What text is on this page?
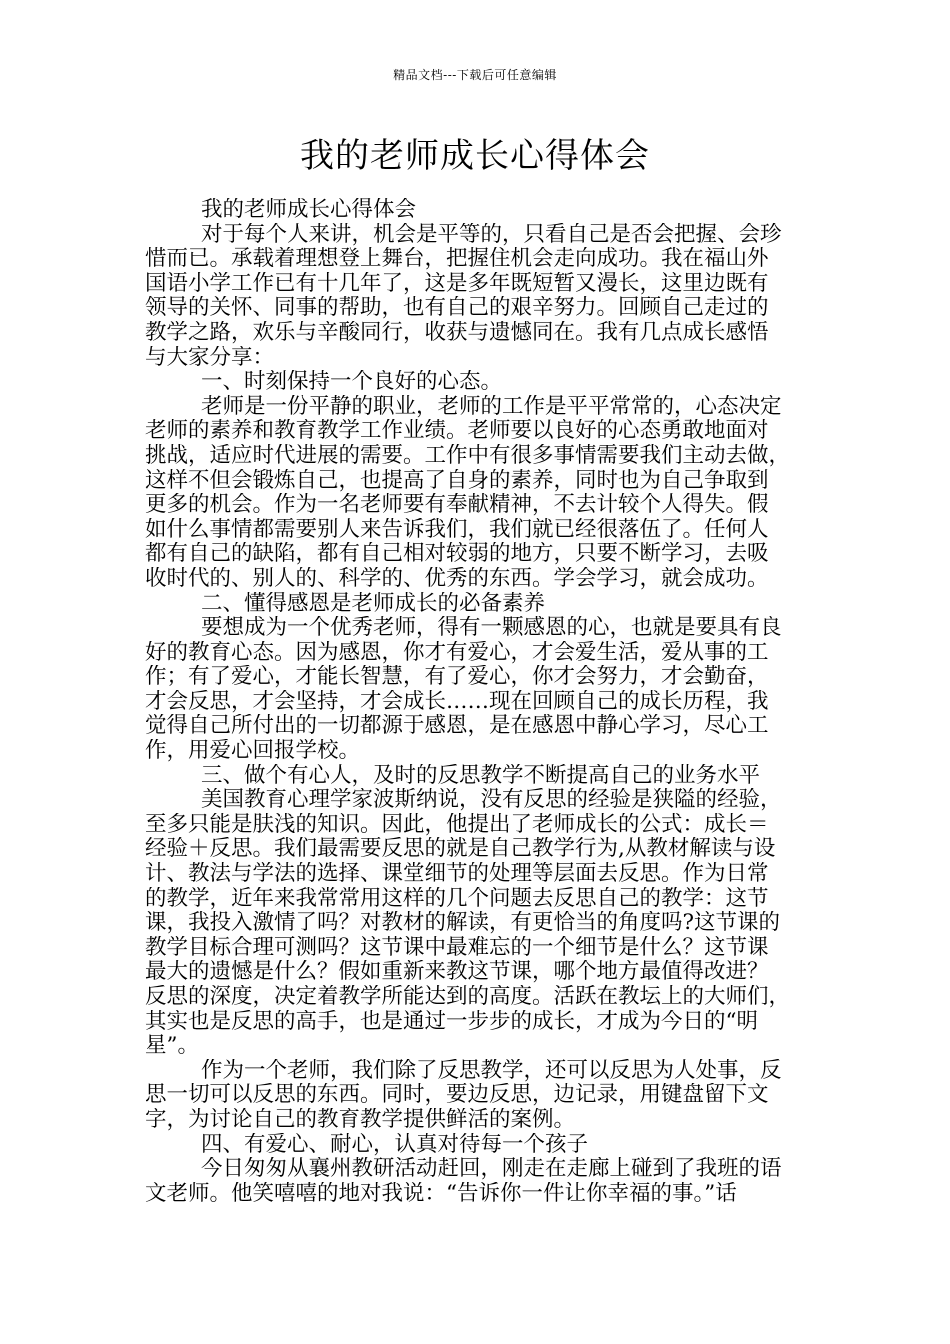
精品文档---下载后可任意编辑
我的老师成长心得体会
我的老师成长心得体会
对于每个人来讲，机会是平等的，只看自己是否会把握、会珍
惜而已。承载着理想登上舞台，把握住机会走向成功。我在福山外
国语小学工作已有十几年了，这是多年既短暂又漫长，这里边既有
领导的关怀、同事的帮助，也有自己的艰辛努力。回顾自己走过的
教学之路，欢乐与辛酸同行，收获与遗憾同在。我有几点成长感悟
与大家分享：
一、时刻保持一个良好的心态。
老师是一份平静的职业，老师的工作是平平常常的，心态决定
老师的素养和教育教学工作业绩。老师要以良好的心态勇敢地面对
挑战，适应时代进展的需要。工作中有很多事情需要我们主动去做，
这样不但会锻炼自己，也提高了自身的素养，同时也为自己争取到
更多的机会。作为一名老师要有奉献精神，不去计较个人得失。假
如什么事情都需要别人来告诉我们，我们就已经很落伍了。任何人
都有自己的缺陷，都有自己相对较弱的地方，只要不断学习，去吸
收时代的、别人的、科学的、优秀的东西。学会学习，就会成功。
二、懂得感恩是老师成长的必备素养
要想成为一个优秀老师，得有一颗感恩的心，也就是要具有良
好的教育心态。因为感恩，你才有爱心，才会爱生活，爱从事的工
作；有了爱心，才能长智慧，有了爱心，你才会努力，才会勤奋，
才会反思，才会坚持，才会成长……现在回顾自己的成长历程，我
觉得自己所付出的一切都源于感恩，是在感恩中静心学习，尽心工
作，用爱心回报学校。
三、做个有心人，及时的反思教学不断提高自己的业务水平
美国教育心理学家波斯纳说，没有反思的经验是狭隘的经验，
至多只能是肤浅的知识。因此，他提出了老师成长的公式：成长＝
经验＋反思。我们最需要反思的就是自己教学行为,从教材解读与设
计、教法与学法的选择、课堂细节的处理等层面去反思。作为日常
的教学，近年来我常常用这样的几个问题去反思自己的教学：这节
课，我投入激情了吗？对教材的解读，有更恰当的角度吗?这节课的
教学目标合理可测吗？这节课中最难忘的一个细节是什么？这节课
最大的遗憾是什么？假如重新来教这节课，哪个地方最值得改进？
反思的深度，决定着教学所能达到的高度。活跃在教坛上的大师们，
其实也是反思的高手，也是通过一步步的成长，才成为今日的“明
星”。
作为一个老师，我们除了反思教学，还可以反思为人处事，反
思一切可以反思的东西。同时，要边反思，边记录，用键盘留下文
字，为讨论自己的教育教学提供鲜活的案例。
四、有爱心、耐心，认真对待每一个孩子
今日匆匆从襄州教研活动赶回，刚走在走廊上碰到了我班的语
文老师。他笑嘻嘻的地对我说：“告诉你一件让你幸福的事。”话
